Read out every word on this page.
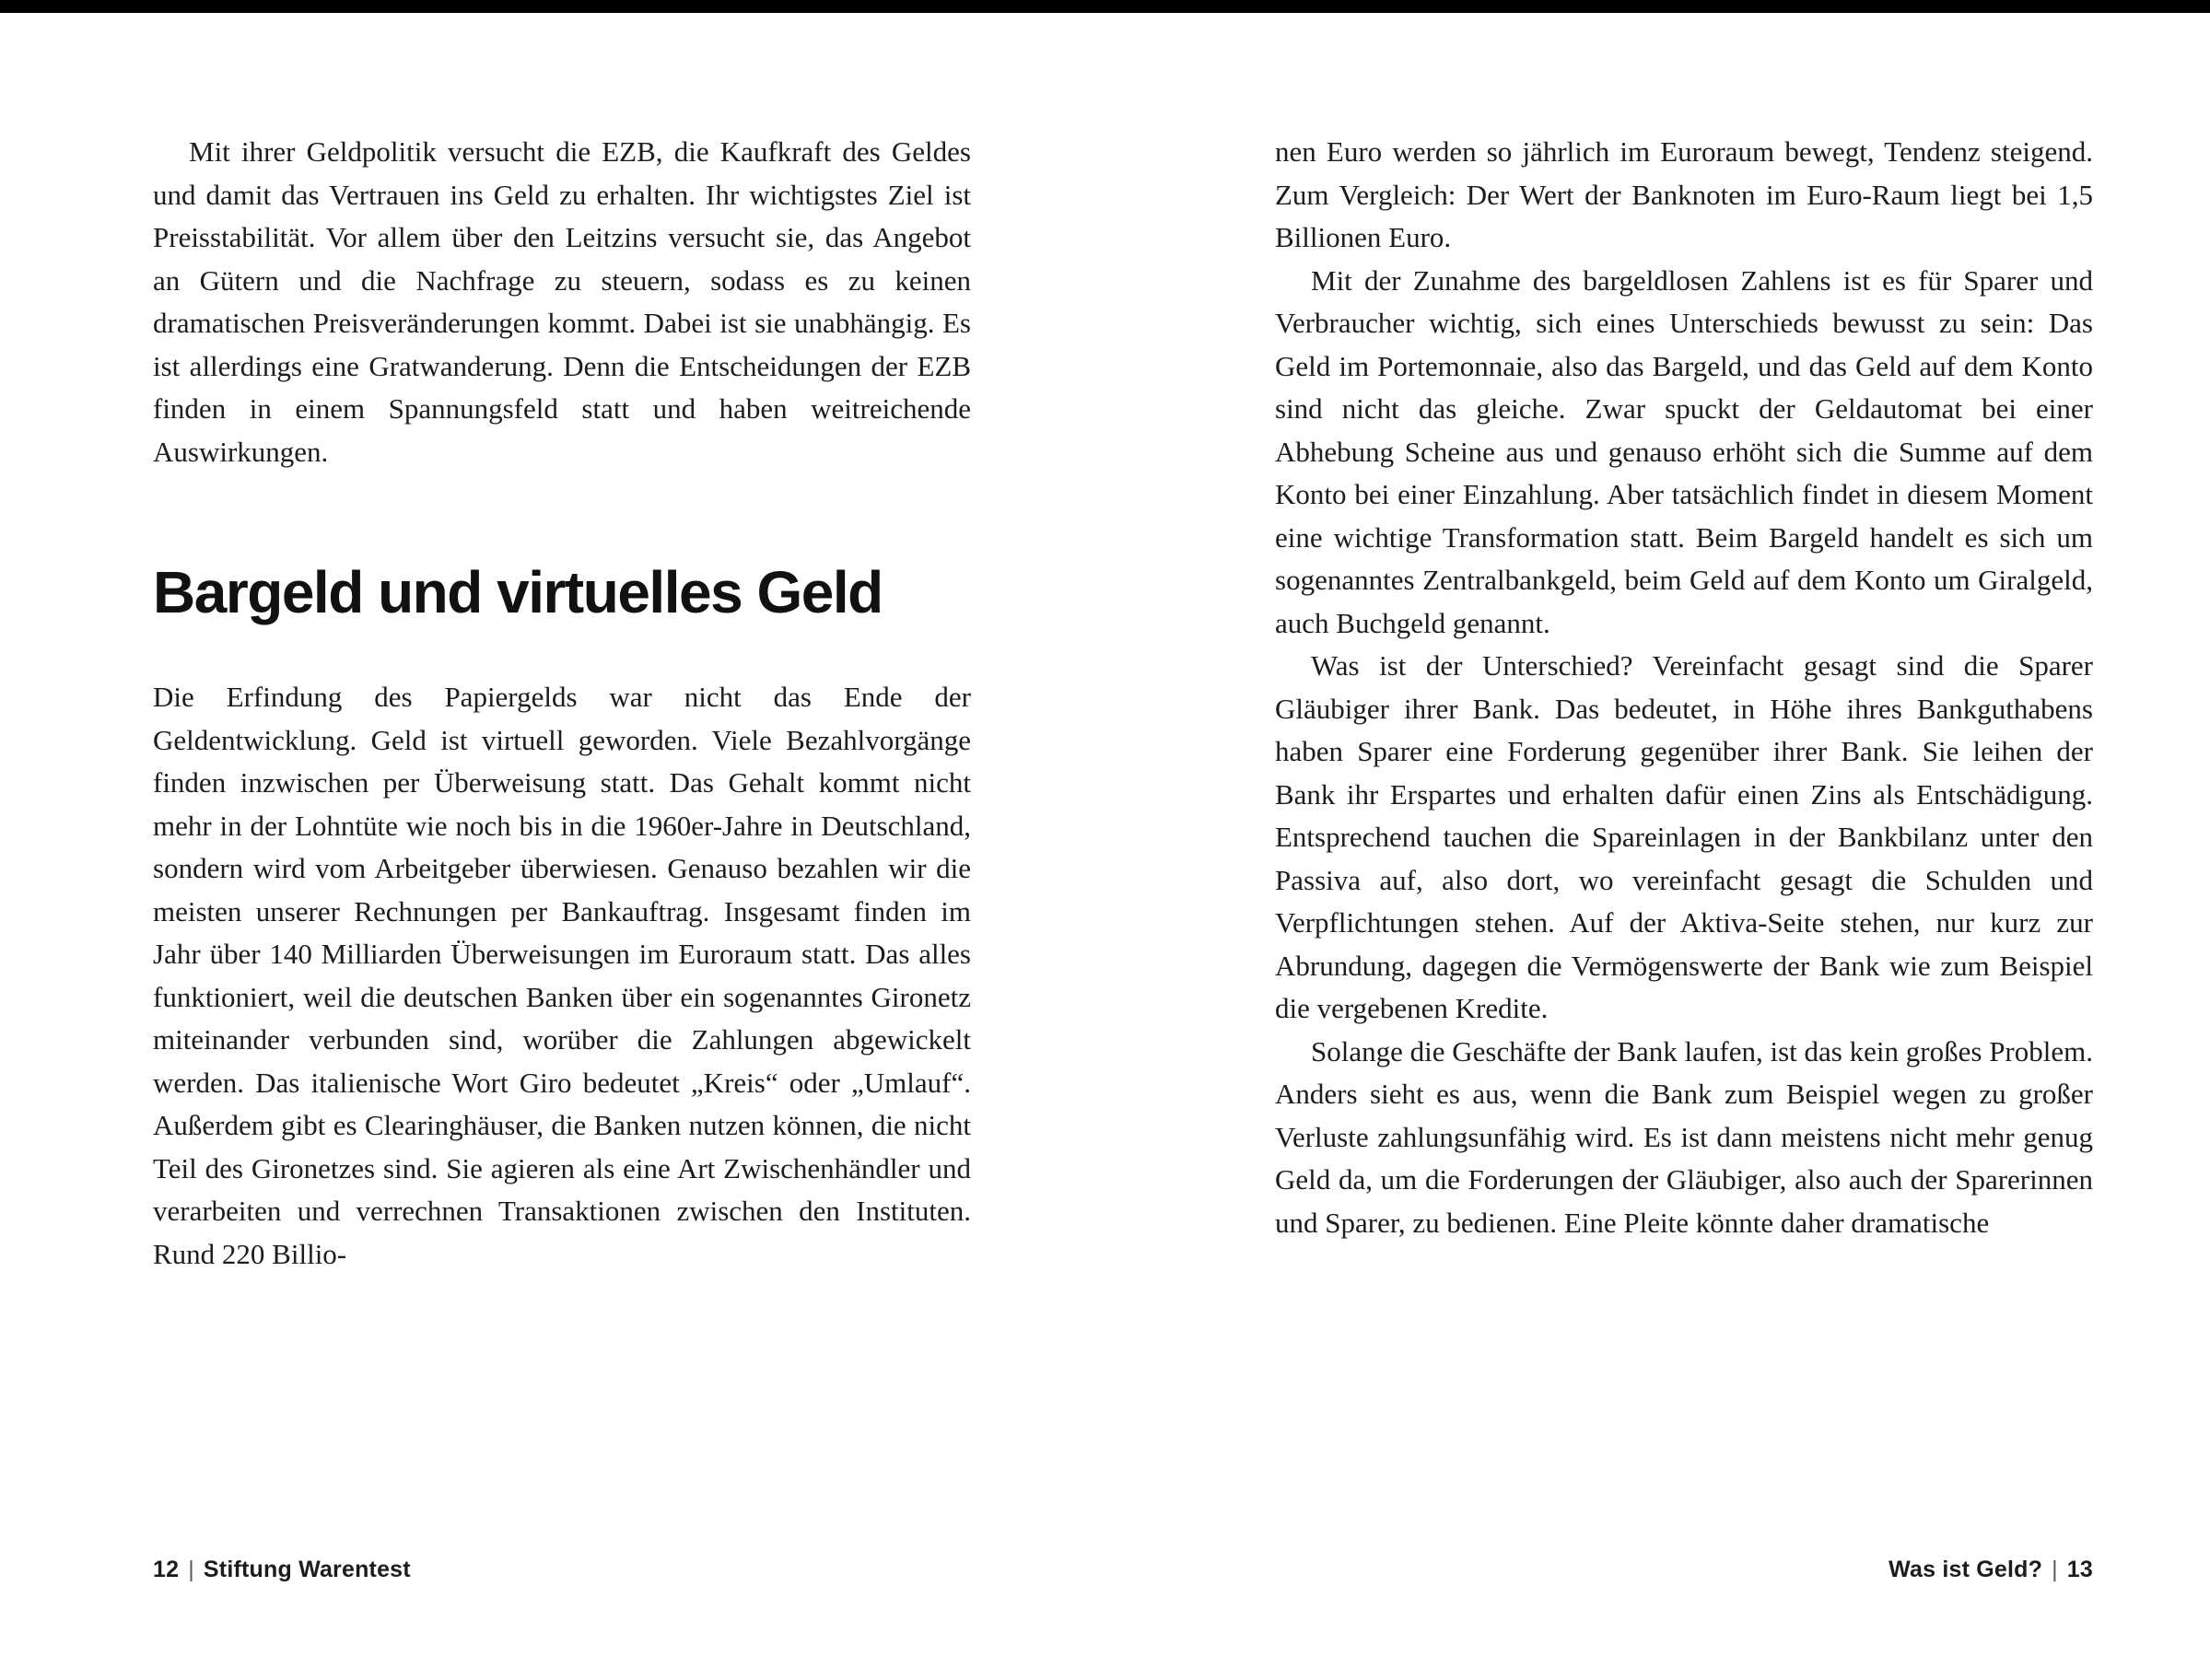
Mit ihrer Geldpolitik versucht die EZB, die Kaufkraft des Geldes und damit das Vertrauen ins Geld zu erhalten. Ihr wichtigstes Ziel ist Preisstabilität. Vor allem über den Leitzins versucht sie, das Angebot an Gütern und die Nachfrage zu steuern, sodass es zu keinen dramatischen Preisveränderungen kommt. Dabei ist sie unabhängig. Es ist allerdings eine Gratwanderung. Denn die Entscheidungen der EZB finden in einem Spannungsfeld statt und haben weitreichende Auswirkungen.

Bargeld und virtuelles Geld

Die Erfindung des Papiergelds war nicht das Ende der Geldentwicklung. Geld ist virtuell geworden. Viele Bezahlvorgänge finden inzwischen per Überweisung statt. Das Gehalt kommt nicht mehr in der Lohntüte wie noch bis in die 1960er-Jahre in Deutschland, sondern wird vom Arbeitgeber überwiesen. Genauso bezahlen wir die meisten unserer Rechnungen per Bankauftrag. Insgesamt finden im Jahr über 140 Milliarden Überweisungen im Euroraum statt. Das alles funktioniert, weil die deutschen Banken über ein sogenanntes Gironetz miteinander verbunden sind, worüber die Zahlungen abgewickelt werden. Das italienische Wort Giro bedeutet „Kreis“ oder „Umlauf“. Außerdem gibt es Clearinghäuser, die Banken nutzen können, die nicht Teil des Gironetzes sind. Sie agieren als eine Art Zwischenhändler und verarbeiten und verrechnen Transaktionen zwischen den Instituten. Rund 220 Billio-

nen Euro werden so jährlich im Euroraum bewegt, Tendenz steigend. Zum Vergleich: Der Wert der Banknoten im Euro-Raum liegt bei 1,5 Billionen Euro.

Mit der Zunahme des bargeldlosen Zahlens ist es für Sparer und Verbraucher wichtig, sich eines Unterschieds bewusst zu sein: Das Geld im Portemonnaie, also das Bargeld, und das Geld auf dem Konto sind nicht das gleiche. Zwar spuckt der Geldautomat bei einer Abhebung Scheine aus und genauso erhöht sich die Summe auf dem Konto bei einer Einzahlung. Aber tatsächlich findet in diesem Moment eine wichtige Transformation statt. Beim Bargeld handelt es sich um sogenanntes Zentralbankgeld, beim Geld auf dem Konto um Giralgeld, auch Buchgeld genannt.

Was ist der Unterschied? Vereinfacht gesagt sind die Sparer Gläubiger ihrer Bank. Das bedeutet, in Höhe ihres Bankguthabens haben Sparer eine Forderung gegenüber ihrer Bank. Sie leihen der Bank ihr Erspartes und erhalten dafür einen Zins als Entschädigung. Entsprechend tauchen die Spareinlagen in der Bankbilanz unter den Passiva auf, also dort, wo vereinfacht gesagt die Schulden und Verpflichtungen stehen. Auf der Aktiva-Seite stehen, nur kurz zur Abrundung, dagegen die Vermögenswerte der Bank wie zum Beispiel die vergebenen Kredite.

Solange die Geschäfte der Bank laufen, ist das kein großes Problem. Anders sieht es aus, wenn die Bank zum Beispiel wegen zu großer Verluste zahlungsunfähig wird. Es ist dann meistens nicht mehr genug Geld da, um die Forderungen der Gläubiger, also auch der Sparerinnen und Sparer, zu bedienen. Eine Pleite könnte daher dramatische

12 | Stiftung Warentest	Was ist Geld? | 13
